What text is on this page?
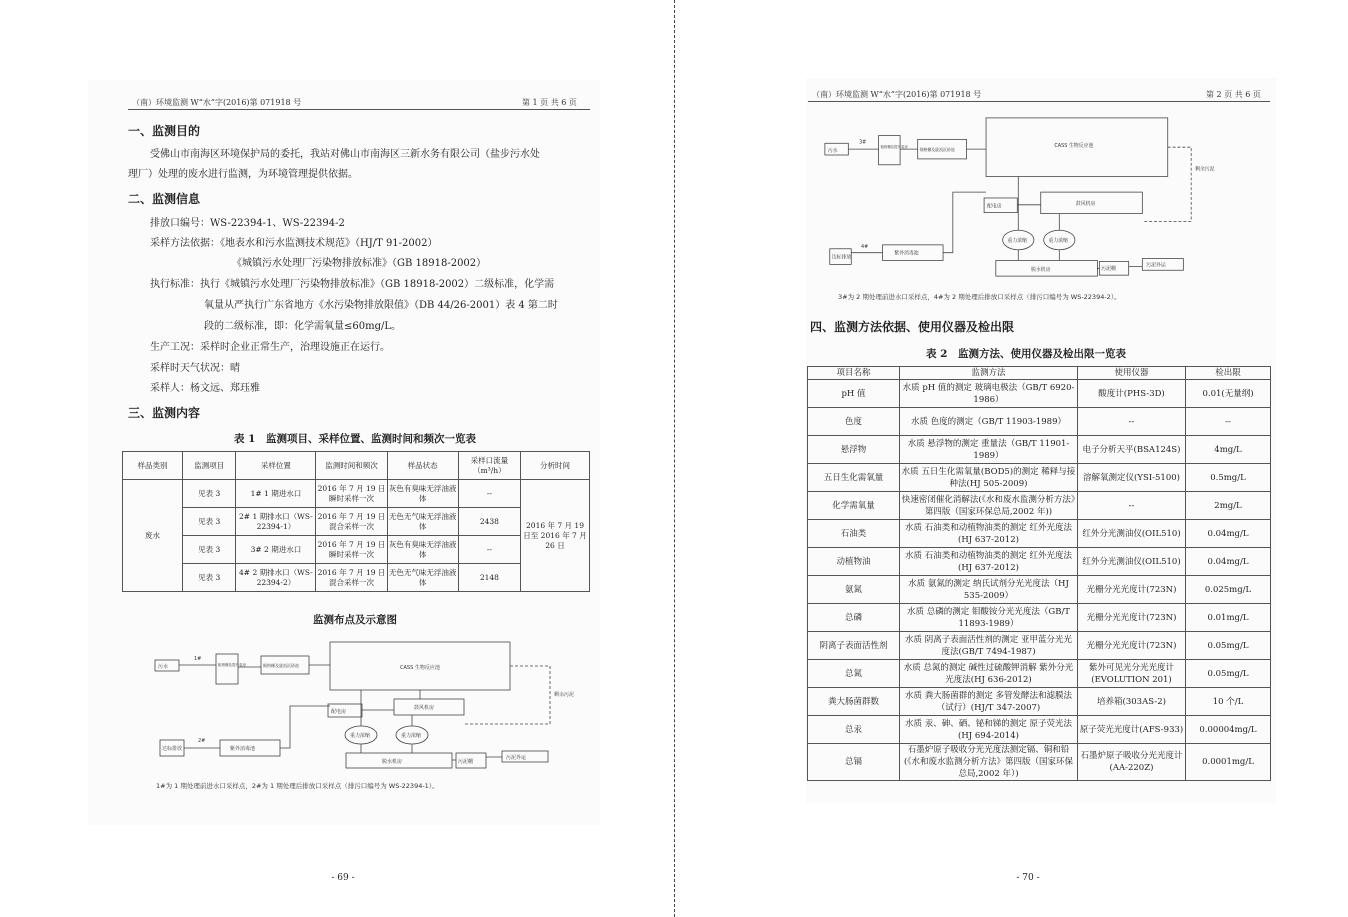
（南）环境监测 W“水”字(2016)第 071918 号	第 1 页 共 6 页
一、监测目的
受佛山市南海区环境保护局的委托，我站对佛山市南海区三新水务有限公司（盐步污水处
理厂）处理的废水进行监测，为环境管理提供依据。
二、监测信息
排放口编号：WS-22394-1、WS-22394-2
采样方法依据：《地表水和污水监测技术规范》（HJ/T 91-2002）
《城镇污水处理厂污染物排放标准》（GB 18918-2002）
执行标准：执行《城镇污水处理厂污染物排放标准》（GB 18918-2002）二级标准，化学需
氧量从严执行广东省地方《水污染物排放限值》（DB 44/26-2001）表 4 第二时
段的二级标准，即：化学需氧量≤60mg/L。
生产工况：采样时企业正常生产，治理设施正在运行。
采样时天气状况：晴
采样人：杨文远、郑珏雅
三、监测内容
表 1　监测项目、采样位置、监测时间和频次一览表
样品类别	监测项目	采样位置	监测时间和频次	样品状态	采样口流量（m³/h）	分析时间
废水	见表 3	1# 1 期进水口	2016 年 7 月 19 日瞬时采样一次	灰色有臭味无浮油液体	--	2016 年 7 月 19 日至 2016 年 7 月 26 日
	见表 3	2# 1 期排水口（WS-22394-1）	2016 年 7 月 19 日混合采样一次	无色无气味无浮油液体	2438	
	见表 3	3# 2 期进水口	2016 年 7 月 19 日瞬时采样一次	灰色有臭味无浮油液体	--	
	见表 3	4# 2 期排水口（WS-22394-2）	2016 年 7 月 19 日混合采样一次	无色无气味无浮油液体	2148	
监测布点及示意图
污水
1#
粗格栅及提升泵房	细格栅及旋流沉砂池	CASS 生物反应池
配电房
鼓风机房
重力浓缩	重力浓缩
脱水机房	污泥棚
污泥外运
紫外消毒池
达标排放
2#
剩余污泥
1#为 1 期处理前进水口采样点，2#为 1 期处理后排放口采样点（排污口编号为 WS-22394-1）。
- 69 -
（南）环境监测 W“水”字(2016)第 071918 号	第 2 页 共 6 页
污水
3#
粗格栅及提升泵房	细格栅及旋流沉砂池
CASS 生物反应池
配电房	鼓风机房
重力浓缩	重力浓缩
脱水机房	污泥棚
污泥外运
紫外消毒池
达标排放
4#
剩余污泥
3#为 2 期处理前进水口采样点，4#为 2 期处理后排放口采样点（排污口编号为 WS-22394-2）。
四、监测方法依据、使用仪器及检出限
表 2　监测方法、使用仪器及检出限一览表
项目名称	监测方法	使用仪器	检出限
pH 值	水质 pH 值的测定 玻璃电极法（GB/T 6920-1986）	酸度计(PHS-3D)	0.01(无量纲)
色度	水质 色度的测定（GB/T 11903-1989）	--	--
悬浮物	水质 悬浮物的测定 重量法（GB/T 11901-1989）	电子分析天平(BSA124S)	4mg/L
五日生化需氧量	水质 五日生化需氧量(BOD5)的测定 稀释与接种法(HJ 505-2009)	溶解氧测定仪(YSI-5100)	0.5mg/L
化学需氧量	快速密闭催化消解法(《水和废水监测分析方法》第四版（国家环保总局,2002 年))	--	2mg/L
石油类	水质 石油类和动植物油类的测定 红外光度法(HJ 637-2012)	红外分光测油仪(OIL510)	0.04mg/L
动植物油	水质 石油类和动植物油类的测定 红外光度法(HJ 637-2012)	红外分光测油仪(OIL510)	0.04mg/L
氨氮	水质 氨氮的测定 纳氏试剂分光光度法（HJ 535-2009）	光栅分光光度计(723N)	0.025mg/L
总磷	水质 总磷的测定 钼酸铵分光光度法（GB/T 11893-1989）	光栅分光光度计(723N)	0.01mg/L
阴离子表面活性剂	水质 阴离子表面活性剂的测定 亚甲蓝分光光度法(GB/T 7494-1987)	光栅分光光度计(723N)	0.05mg/L
总氮	水质 总氮的测定 碱性过硫酸钾消解 紫外分光光度法(HJ 636-2012)	紫外可见光分光光度计(EVOLUTION 201)	0.05mg/L
粪大肠菌群数	水质 粪大肠菌群的测定 多管发酵法和滤膜法（试行）(HJ/T 347-2007)	培养箱(303AS-2)	10 个/L
总汞	水质 汞、砷、硒、铋和锑的测定 原子荧光法(HJ 694-2014)	原子荧光光度计(AFS-933)	0.00004mg/L
总镉	石墨炉原子吸收分光光度法测定镉、铜和铅(《水和废水监测分析方法》第四版（国家环保总局,2002 年）)	石墨炉原子吸收分光光度计(AA-220Z)	0.0001mg/L
- 70 -
